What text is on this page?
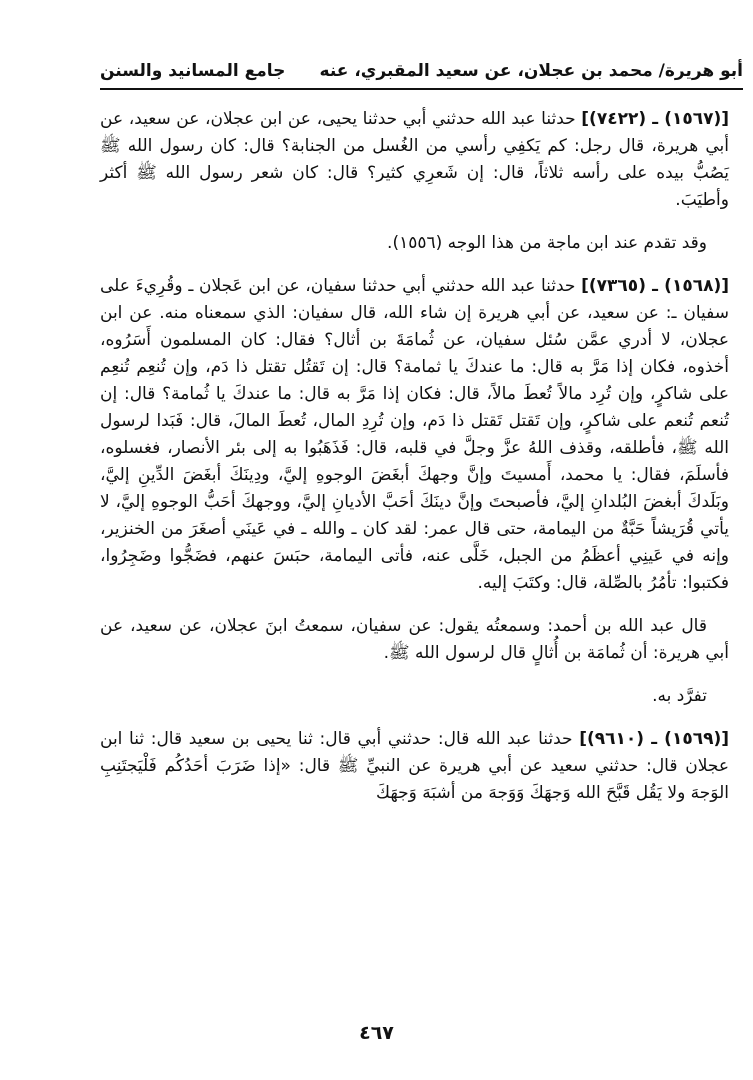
أبو هريرة/ محمد بن عجلان، عن سعيد المقبري، عنه
جامع المسانيد والسنن

[(١٥٦٧) ـ (٧٤٢٢)] حدثنا عبد الله حدثني أبي حدثنا يحيى، عن ابن عجلان، عن سعيد، عن أبي هريرة، قال رجل: كم يَكفِي رأسي من الغُسل من الجنابة؟ قال: كان رسول الله ﷺ يَصُبُّ بيده على رأسه ثلاثاً، قال: إن شَعرِي كثير؟ قال: كان شعر رسول الله ﷺ أكثر وأطيَبَ.

وقد تقدم عند ابن ماجة من هذا الوجه (١٥٥٦).

[(١٥٦٨) ـ (٧٣٦٥)] حدثنا عبد الله حدثني أبي حدثنا سفيان، عن ابن عَجلان ـ وقُرِيءَ على سفيان ـ: عن سعيد، عن أبي هريرة إن شاء الله، قال سفيان: الذي سمعناه منه. عن ابن عجلان، لا أدري عمَّن سُئل سفيان، عن ثُمامَةَ بن أثال؟ فقال: كان المسلمون أَسَرُوه، أخذوه، فكان إذا مَرَّ به قال: ما عندكَ يا ثمامة؟ قال: إن تَقتُل تقتل ذا دَم، وإن تُنعِم تُنعِم على شاكرٍ، وإن تُرِد مالاً تُعطَ مالاً، قال: فكان إذا مَرَّ به قال: ما عندكَ يا ثُمامة؟ قال: إن تُنعم تُنعم على شاكرٍ، وإن تَقتل تَقتل ذا دَم، وإن تُرِدِ المال، تُعطَ المالَ، قال: فَبَدا لرسول الله ﷺ، فأطلقه، وقذف اللهُ عزَّ وجلَّ في قلبه، قال: فَذَهَبُوا به إلى بئر الأنصار، فغسلوه، فأسلَمَ، فقال: يا محمد، أَمسيتَ وإنَّ وجهكَ أبغَضَ الوجوهِ إليَّ، ودِينَكَ أبغَضَ الدِّينِ إليَّ، وبَلَدكَ أبغضَ البُلدانِ إليَّ، فأصبحتَ وإنَّ دينَكَ أحَبَّ الأديانِ إليَّ، ووجهكَ أحَبُّ الوجوهِ إليَّ، لا يأتي قُرَيشاً حَبَّةٌ من اليمامة، حتى قال عمر: لقد كان ـ والله ـ في عَينَي أصغَرَ من الخنزير، وإنه في عَينِي أعظَمُ من الجبل، خَلَّى عنه، فأتى اليمامة، حبَسَ عنهم، فضَجُّوا وضَجِرُوا، فكتبوا: تأمُرُ بالصِّلة، قال: وكتَبَ إليه.

قال عبد الله بن أحمد: وسمعتُه يقول: عن سفيان، سمعتُ ابنَ عجلان، عن سعيد، عن أبي هريرة: أن ثُمامَة بن أُثالٍ قال لرسول الله ﷺ.

تفرَّد به.

[(١٥٦٩) ـ (٩٦١٠)] حدثنا عبد الله قال: حدثني أبي قال: ثنا يحيى بن سعيد قال: ثنا ابن عجلان قال: حدثني سعيد عن أبي هريرة عن النبيِّ ﷺ قال: «إذا ضَرَبَ أحَدُكُم فَلْيَجتَنِبِ الوَجهَ ولا يَقُل قَبَّحَ الله وَجهَكَ وَوَجهَ من أشبَهَ وَجهَكَ

٤٦٧
